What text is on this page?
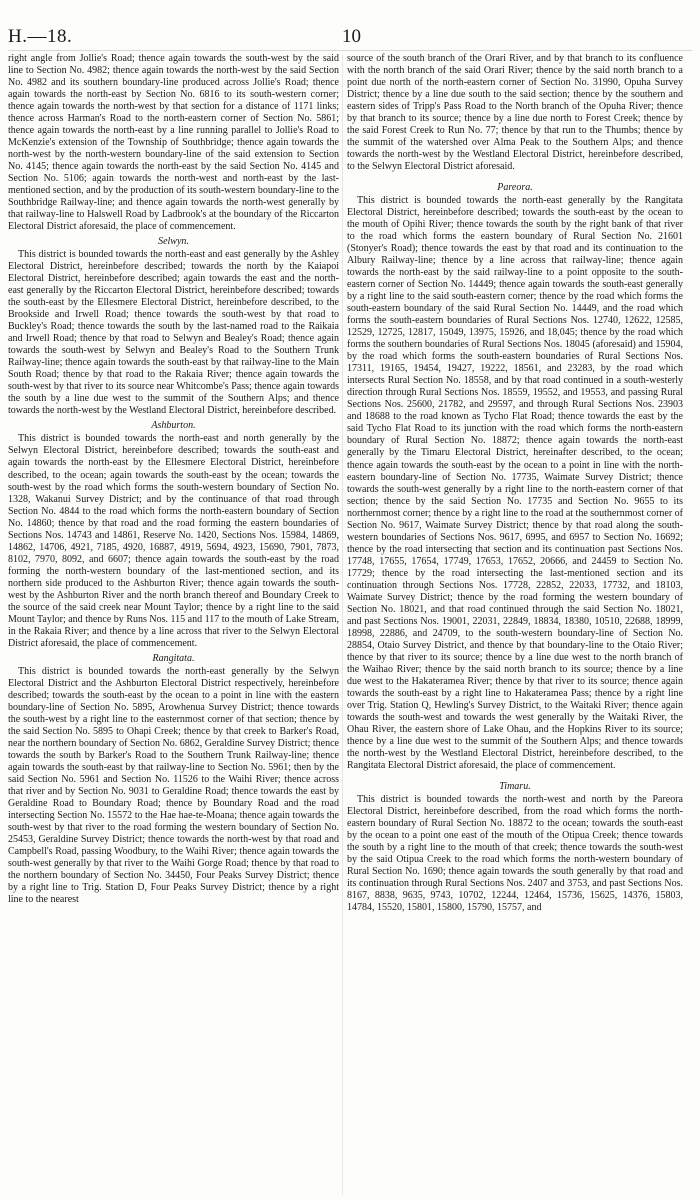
H.—18.	10

right angle from Jollie's Road; thence again towards the south-west by the said line to Section No. 4982; thence again towards the north-west by the said Section No. 4982 and its southern boundary-line produced across Jollie's Road; thence again towards the north-east by Section No. 6816 to its south-western corner; thence again towards the north-west by that section for a distance of 1171 links; thence across Harman's Road to the north-eastern corner of Section No. 5861; thence again towards the north-east by a line running parallel to Jollie's Road to McKenzie's extension of the Township of Southbridge; thence again towards the north-west by the north-western boundary-line of the said extension to Section No. 4145; thence again towards the north-east by the said Section No. 4145 and Section No. 5106; again towards the north-west and north-east by the last-mentioned section, and by the production of its south-western boundary-line to the Southbridge Railway-line; and thence again towards the north-west generally by that railway-line to Halswell Road by Ladbrook's at the boundary of the Riccarton Electoral District aforesaid, the place of commencement.

Selwyn.

This district is bounded towards the north-east and east generally by the Ashley Electoral District, hereinbefore described; towards the north by the Kaiapoi Electoral District, hereinbefore described; again towards the east and the north-east generally by the Riccarton Electoral District, hereinbefore described; towards the south-east by the Ellesmere Electoral District, hereinbefore described, to the Brookside and Irwell Road; thence towards the south-west by that road to Buckley's Road; thence towards the south by the last-named road to the Raikaia and Irwell Road; thence by that road to Selwyn and Bealey's Road; thence again towards the south-west by Selwyn and Bealey's Road to the Southern Trunk Railway-line; thence again towards the south-east by that railway-line to the Main South Road; thence by that road to the Rakaia River; thence again towards the south-west by that river to its source near Whitcombe's Pass; thence again towards the south by a line due west to the summit of the Southern Alps; and thence towards the north-west by the Westland Electoral District, hereinbefore described.

Ashburton.

This district is bounded towards the north-east and north generally by the Selwyn Electoral District, hereinbefore described; towards the south-east and again towards the north-east by the Ellesmere Electoral District, hereinbefore described, to the ocean; again towards the south-east by the ocean; towards the south-west by the road which forms the south-western boundary of Section No. 1328, Wakanui Survey District; and by the continuance of that road through Section No. 4844 to the road which forms the north-eastern boundary of Section No. 14860; thence by that road and the road forming the eastern boundaries of Sections Nos. 14743 and 14861, Reserve No. 1420, Sections Nos. 15984, 14869, 14862, 14706, 4921, 7185, 4920, 16887, 4919, 5694, 4923, 15690, 7901, 7873, 8102, 7970, 8092, and 6607; thence again towards the south-east by the road forming the north-western boundary of the last-mentioned section, and its northern side produced to the Ashburton River; thence again towards the south-west by the Ashburton River and the north branch thereof and Boundary Creek to the source of the said creek near Mount Taylor; thence by a right line to the said Mount Taylor; and thence by Runs Nos. 115 and 117 to the mouth of Lake Stream, in the Rakaia River; and thence by a line across that river to the Selwyn Electoral District aforesaid, the place of commencement.

Rangitata.

This district is bounded towards the north-east generally by the Selwyn Electoral District and the Ashburton Electoral District respectively, hereinbefore described; towards the south-east by the ocean to a point in line with the eastern boundary-line of Section No. 5895, Arowhenua Survey District; thence towards the south-west by a right line to the easternmost corner of that section; thence by the said Section No. 5895 to Ohapi Creek; thence by that creek to Barker's Road, near the northern boundary of Section No. 6862, Geraldine Survey District; thence towards the south by Barker's Road to the Southern Trunk Railway-line; thence again towards the south-east by that railway-line to Section No. 5961; then by the said Section No. 5961 and Section No. 11526 to the Waihi River; thence across that river and by Section No. 9031 to Geraldine Road; thence towards the east by Geraldine Road to Boundary Road; thence by Boundary Road and the road intersecting Section No. 15572 to the Hae hae-te-Moana; thence again towards the south-west by that river to the road forming the western boundary of Section No. 25453, Geraldine Survey District; thence towards the north-west by that road and Campbell's Road, passing Woodbury, to the Waihi River; thence again towards the south-west generally by that river to the Waihi Gorge Road; thence by that road to the northern boundary of Section No. 34450, Four Peaks Survey District; thence by a right line to Trig. Station D, Four Peaks Survey District; thence by a right line to the nearest

source of the south branch of the Orari River, and by that branch to its confluence with the north branch of the said Orari River; thence by the said north branch to a point due north of the north-eastern corner of Section No. 31990, Opuha Survey District; thence by a line due south to the said section; thence by the southern and eastern sides of Tripp's Pass Road to the North branch of the Opuha River; thence by that branch to its source; thence by a line due north to Forest Creek; thence by the said Forest Creek to Run No. 77; thence by that run to the Thumbs; thence by the summit of the watershed over Alma Peak to the Southern Alps; and thence towards the north-west by the Westland Electoral District, hereinbefore described, to the Selwyn Electoral District aforesaid.

Pareora.

This district is bounded towards the north-east generally by the Rangitata Electoral District, hereinbefore described; towards the south-east by the ocean to the mouth of Opihi River; thence towards the south by the right bank of that river to the road which forms the eastern boundary of Rural Section No. 21601 (Stonyer's Road); thence towards the east by that road and its continuation to the Albury Railway-line; thence by a line across that railway-line; thence again towards the north-east by the said railway-line to a point opposite to the south-eastern corner of Section No. 14449; thence again towards the south-east generally by a right line to the said south-eastern corner; thence by the road which forms the south-eastern boundary of the said Rural Section No. 14449, and the road which forms the south-eastern boundaries of Rural Sections Nos. 12740, 12622, 12585, 12529, 12725, 12817, 15049, 13975, 15926, and 18,045; thence by the road which forms the southern boundaries of Rural Sections Nos. 18045 (aforesaid) and 15904, by the road which forms the south-eastern boundaries of Rural Sections Nos. 17311, 19165, 19454, 19427, 19222, 18561, and 23283, by the road which intersects Rural Section No. 18558, and by that road continued in a south-westerly direction through Rural Sections Nos. 18559, 19552, and 19553, and passing Rural Sections Nos. 25600, 21782, and 29597, and through Rural Sections Nos. 23903 and 18688 to the road known as Tycho Flat Road; thence towards the east by the said Tycho Flat Road to its junction with the road which forms the north-eastern boundary of Rural Section No. 18872; thence again towards the north-east generally by the Timaru Electoral District, hereinafter described, to the ocean; thence again towards the south-east by the ocean to a point in line with the north-eastern boundary-line of Section No. 17735, Waimate Survey District; thence towards the south-west generally by a right line to the north-eastern corner of that section; thence by the said Section No. 17735 and Section No. 9655 to its northernmost corner; thence by a right line to the road at the southernmost corner of Section No. 9617, Waimate Survey District; thence by that road along the south-western boundaries of Sections Nos. 9617, 6995, and 6957 to Section No. 16692; thence by the road intersecting that section and its continuation past Sections Nos. 17748, 17655, 17654, 17749, 17653, 17652, 20666, and 24459 to Section No. 17729; thence by the road intersecting the last-mentioned section and its continuation through Sections Nos. 17728, 22852, 22033, 17732, and 18103, Waimate Survey District; thence by the road forming the western boundary of Section No. 18021, and that road continued through the said Section No. 18021, and past Sections Nos. 19001, 22031, 22849, 18834, 18380, 10510, 22688, 18999, 18998, 22886, and 24709, to the south-western boundary-line of Section No. 28854, Otaio Survey District, and thence by that boundary-line to the Otaio River; thence by that river to its source; thence by a line due west to the north branch of the Waihao River; thence by the said north branch to its source; thence by a line due west to the Hakateramea River; thence by that river to its source; thence again towards the south-east by a right line to Hakateramea Pass; thence by a right line over Trig. Station Q, Hewling's Survey District, to the Waitaki River; thence again towards the south-west and towards the west generally by the Waitaki River, the Ohau River, the eastern shore of Lake Ohau, and the Hopkins River to its source; thence by a line due west to the summit of the Southern Alps; and thence towards the north-west by the Westland Electoral District, hereinbefore described, to the Rangitata Electoral District aforesaid, the place of commencement.

Timaru.

This district is bounded towards the north-west and north by the Pareora Electoral District, hereinbefore described, from the road which forms the north-eastern boundary of Rural Section No. 18872 to the ocean; towards the south-east by the ocean to a point one east of the mouth of the Otipua Creek; thence towards the south by a right line to the mouth of that creek; thence towards the south-west by the said Otipua Creek to the road which forms the north-western boundary of Rural Section No. 1690; thence again towards the south generally by that road and its continuation through Rural Sections Nos. 2407 and 3753, and past Sections Nos. 8167, 8838, 9635, 9743, 10702, 12244, 12464, 15736, 15625, 14376, 15803, 14784, 15520, 15801, 15800, 15790, 15757, and
